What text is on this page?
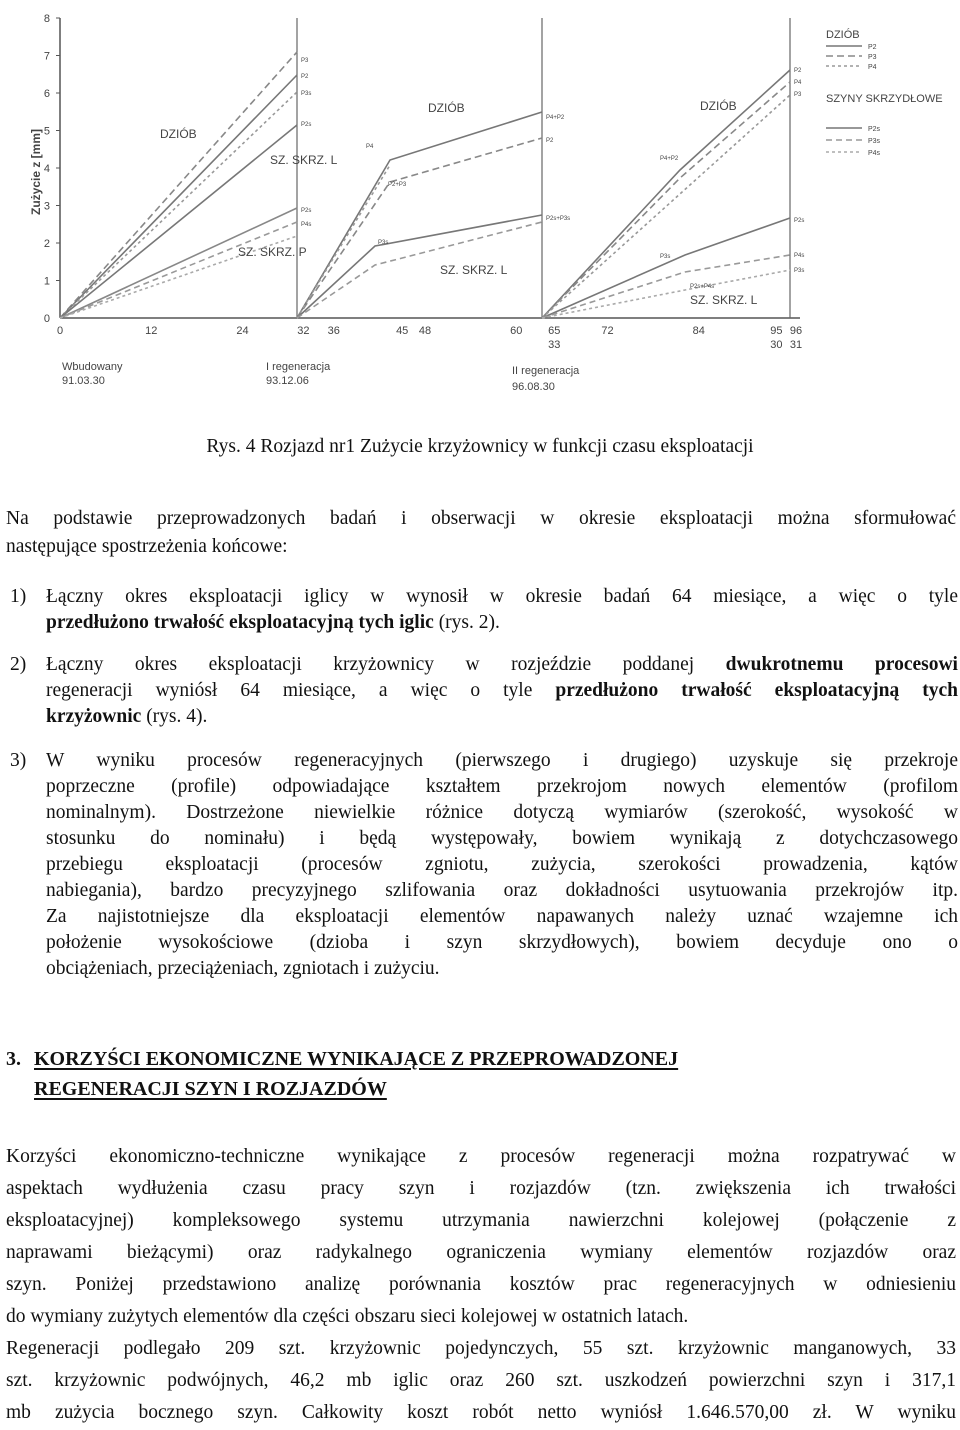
0
1
2
3
4
5
6
7
8
Zużycie z [mm]
0	12	24	32 36	45 48	60 65
33
72	84	95
30
96
31
DZIÓB
DZIÓB	DZIÓB
SZ. SKRZ. L
SZ. SKRZ. P
SZ. SKRZ. L
SZ. SKRZ. L
P3
P2
P3s
P2s
P4
P4+P2
P2
P2+P3
P3s
P2s+P3s
P4+P2
P2s
P4s
P3s
P2s+P4s
P2s
P4s
P3s
P2
P4
P3
Wbudowany
91.03.30
I regeneracja
93.12.06
II regeneracja
96.08.30
DZIÓB
P2
P3
P4
SZYNY SKRZYDŁOWE
P2s
P3s
P4s
Rys. 4 Rozjazd nr1 Zużycie krzyżownicy w funkcji czasu eksploatacji
Na podstawie przeprowadzonych badań i obserwacji w okresie eksploatacji można sformułować
następujące spostrzeżenia końcowe:
1) Łączny okres eksploatacji iglicy w wynosił w okresie badań 64 miesiące, a więc o tyle
przedłużono trwałość eksploatacyjną tych iglic (rys. 2).
2) Łączny okres eksploatacji krzyżownicy w rozjeździe poddanej dwukrotnemu procesowi
regeneracji wyniósł 64 miesiące, a więc o tyle przedłużono trwałość eksploatacyjną tych
krzyżownic (rys. 4).
3) W wyniku procesów regeneracyjnych (pierwszego i drugiego) uzyskuje się przekroje
poprzeczne (profile) odpowiadające kształtem przekrojom nowych elementów (profilom
nominalnym). Dostrzeżone niewielkie różnice dotyczą wymiarów (szerokość, wysokość w
stosunku do nominału) i będą występowały, bowiem wynikają z dotychczasowego
przebiegu eksploatacji (procesów zgniotu, zużycia, szerokości prowadzenia, kątów
nabiegania), bardzo precyzyjnego szlifowania oraz dokładności usytuowania przekrojów itp.
Za najistotniejsze dla eksploatacji elementów napawanych należy uznać wzajemne ich
położenie wysokościowe (dzioba i szyn skrzydłowych), bowiem decyduje ono o
obciążeniach, przeciążeniach, zgniotach i zużyciu.
3. KORZYŚCI EKONOMICZNE WYNIKAJĄCE Z PRZEPROWADZONEJ
REGENERACJI SZYN I ROZJAZDÓW
Korzyści ekonomiczno-techniczne wynikające z procesów regeneracji można rozpatrywać w
aspektach wydłużenia czasu pracy szyn i rozjazdów (tzn. zwiększenia ich trwałości
eksploatacyjnej) kompleksowego systemu utrzymania nawierzchni kolejowej (połączenie z
naprawami bieżącymi) oraz radykalnego ograniczenia wymiany elementów rozjazdów oraz
szyn. Poniżej przedstawiono analizę porównania kosztów prac regeneracyjnych w odniesieniu
do wymiany zużytych elementów dla części obszaru sieci kolejowej w ostatnich latach.
Regeneracji podlegało 209 szt. krzyżownic pojedynczych, 55 szt. krzyżownic manganowych, 33
szt. krzyżownic podwójnych, 46,2 mb iglic oraz 260 szt. uszkodzeń powierzchni szyn i 317,1
mb zużycia bocznego szyn. Całkowity koszt robót netto wyniósł 1.646.570,00 zł. W wyniku
